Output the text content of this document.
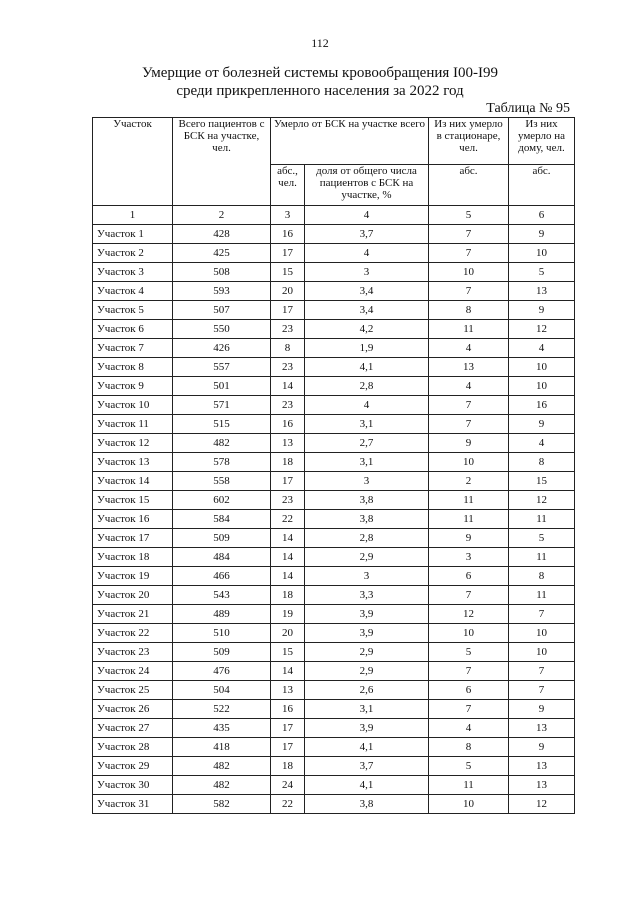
112
Умерщие от болезней системы кровообращения I00-I99
среди прикрепленного населения за 2022 год
Таблица № 95
Участок	Всего пациентов с БСК на участке, чел.	Умерло от БСК на участке всего		Из них умерло в стационаре, чел.	Из них умерло на дому, чел.
		абс., чел.	доля от общего числа пациентов с БСК на участке, %	абс.	абс.
1	2	3	4	5	6
Участок 1	428	16	3,7	7	9
Участок 2	425	17	4	7	10
Участок 3	508	15	3	10	5
Участок 4	593	20	3,4	7	13
Участок 5	507	17	3,4	8	9
Участок 6	550	23	4,2	11	12
Участок 7	426	8	1,9	4	4
Участок 8	557	23	4,1	13	10
Участок 9	501	14	2,8	4	10
Участок 10	571	23	4	7	16
Участок 11	515	16	3,1	7	9
Участок 12	482	13	2,7	9	4
Участок 13	578	18	3,1	10	8
Участок 14	558	17	3	2	15
Участок 15	602	23	3,8	11	12
Участок 16	584	22	3,8	11	11
Участок 17	509	14	2,8	9	5
Участок 18	484	14	2,9	3	11
Участок 19	466	14	3	6	8
Участок 20	543	18	3,3	7	11
Участок 21	489	19	3,9	12	7
Участок 22	510	20	3,9	10	10
Участок 23	509	15	2,9	5	10
Участок 24	476	14	2,9	7	7
Участок 25	504	13	2,6	6	7
Участок 26	522	16	3,1	7	9
Участок 27	435	17	3,9	4	13
Участок 28	418	17	4,1	8	9
Участок 29	482	18	3,7	5	13
Участок 30	482	24	4,1	11	13
Участок 31	582	22	3,8	10	12
